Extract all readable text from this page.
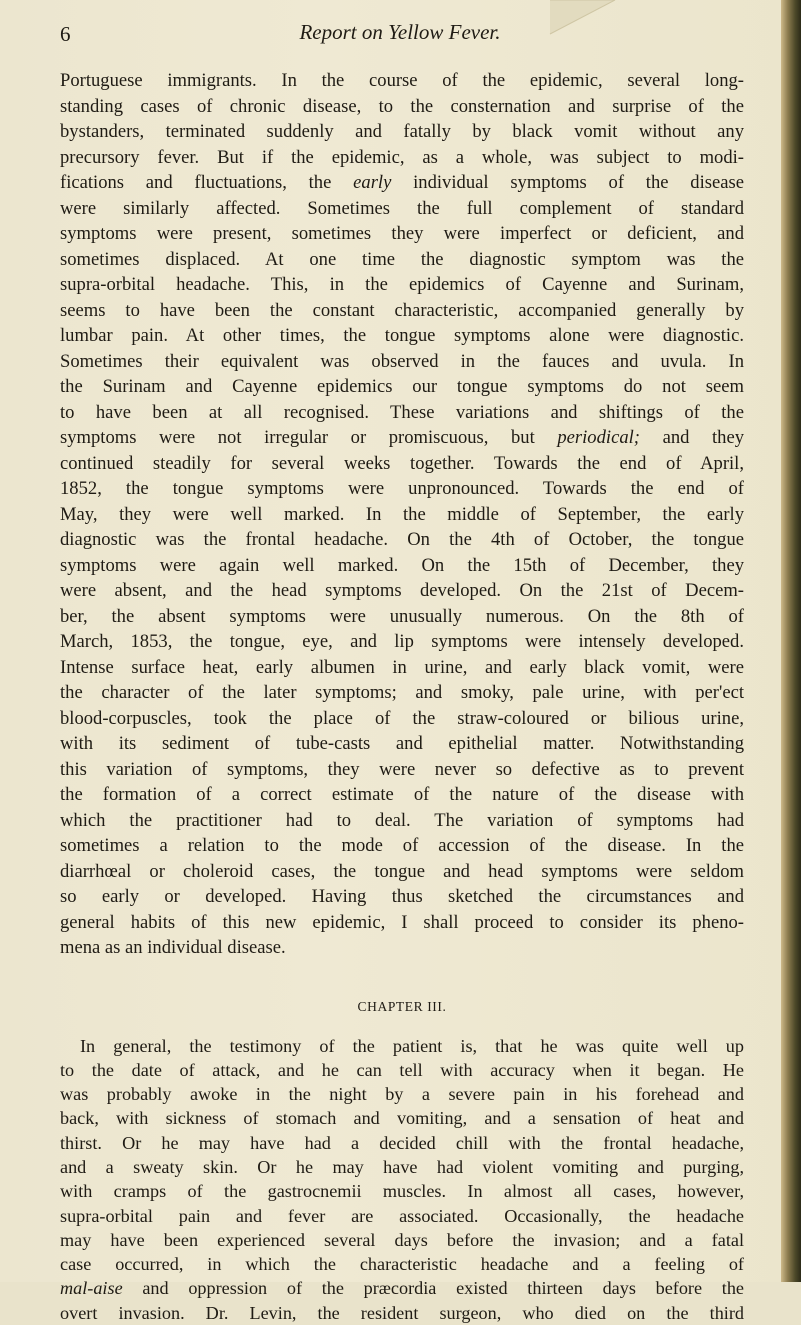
6	Report on Yellow Fever.
Portuguese immigrants. In the course of the epidemic, several long-
standing cases of chronic disease, to the consternation and surprise of the
bystanders, terminated suddenly and fatally by black vomit without any
precursory fever. But if the epidemic, as a whole, was subject to modi-
fications and fluctuations, the early individual symptoms of the disease
were similarly affected. Sometimes the full complement of standard
symptoms were present, sometimes they were imperfect or deficient, and
sometimes displaced. At one time the diagnostic symptom was the
supra-orbital headache. This, in the epidemics of Cayenne and Surinam,
seems to have been the constant characteristic, accompanied generally by
lumbar pain. At other times, the tongue symptoms alone were diagnostic.
Sometimes their equivalent was observed in the fauces and uvula. In
the Surinam and Cayenne epidemics our tongue symptoms do not seem
to have been at all recognised. These variations and shiftings of the
symptoms were not irregular or promiscuous, but periodical; and they
continued steadily for several weeks together. Towards the end of April,
1852, the tongue symptoms were unpronounced. Towards the end of
May, they were well marked. In the middle of September, the early
diagnostic was the frontal headache. On the 4th of October, the tongue
symptoms were again well marked. On the 15th of December, they
were absent, and the head symptoms developed. On the 21st of Decem-
ber, the absent symptoms were unusually numerous. On the 8th of
March, 1853, the tongue, eye, and lip symptoms were intensely developed.
Intense surface heat, early albumen in urine, and early black vomit, were
the character of the later symptoms; and smoky, pale urine, with per'ect
blood-corpuscles, took the place of the straw-coloured or bilious urine,
with its sediment of tube-casts and epithelial matter. Notwithstanding
this variation of symptoms, they were never so defective as to prevent
the formation of a correct estimate of the nature of the disease with
which the practitioner had to deal. The variation of symptoms had
sometimes a relation to the mode of accession of the disease. In the
diarrhœal or choleroid cases, the tongue and head symptoms were seldom
so early or developed. Having thus sketched the circumstances and
general habits of this new epidemic, I shall proceed to consider its pheno-
mena as an individual disease.
CHAPTER III.
In general, the testimony of the patient is, that he was quite well up
to the date of attack, and he can tell with accuracy when it began. He
was probably awoke in the night by a severe pain in his forehead and
back, with sickness of stomach and vomiting, and a sensation of heat and
thirst. Or he may have had a decided chill with the frontal headache,
and a sweaty skin. Or he may have had violent vomiting and purging,
with cramps of the gastrocnemii muscles. In almost all cases, however,
supra-orbital pain and fever are associated. Occasionally, the headache
may have been experienced several days before the invasion; and a fatal
case occurred, in which the characteristic headache and a feeling of
mal-aise and oppression of the præcordia existed thirteen days before the
overt invasion. Dr. Levin, the resident surgeon, who died on the third
